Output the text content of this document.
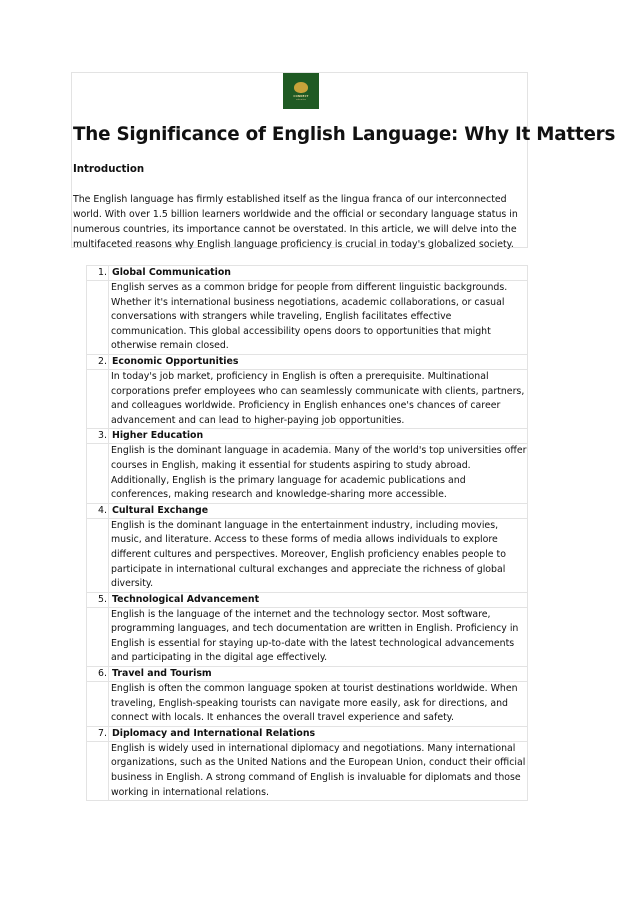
CONNECT
education
The Significance of English Language: Why It Matters
Introduction

The English language has firmly established itself as the lingua franca of our interconnected world. With over 1.5 billion learners worldwide and the official or secondary language status in numerous countries, its importance cannot be overstated. In this article, we will delve into the multifaceted reasons why English language proficiency is crucial in today's globalized society.

1. Global Communication
English serves as a common bridge for people from different linguistic backgrounds. Whether it's international business negotiations, academic collaborations, or casual conversations with strangers while traveling, English facilitates effective communication. This global accessibility opens doors to opportunities that might otherwise remain closed.
2. Economic Opportunities
In today's job market, proficiency in English is often a prerequisite. Multinational corporations prefer employees who can seamlessly communicate with clients, partners, and colleagues worldwide. Proficiency in English enhances one's chances of career advancement and can lead to higher-paying job opportunities.
3. Higher Education
English is the dominant language in academia. Many of the world's top universities offer courses in English, making it essential for students aspiring to study abroad. Additionally, English is the primary language for academic publications and conferences, making research and knowledge-sharing more accessible.
4. Cultural Exchange
English is the dominant language in the entertainment industry, including movies, music, and literature. Access to these forms of media allows individuals to explore different cultures and perspectives. Moreover, English proficiency enables people to participate in international cultural exchanges and appreciate the richness of global diversity.
5. Technological Advancement
English is the language of the internet and the technology sector. Most software, programming languages, and tech documentation are written in English. Proficiency in English is essential for staying up-to-date with the latest technological advancements and participating in the digital age effectively.
6. Travel and Tourism
English is often the common language spoken at tourist destinations worldwide. When traveling, English-speaking tourists can navigate more easily, ask for directions, and connect with locals. It enhances the overall travel experience and safety.
7. Diplomacy and International Relations
English is widely used in international diplomacy and negotiations. Many international organizations, such as the United Nations and the European Union, conduct their official business in English. A strong command of English is invaluable for diplomats and those working in international relations.
